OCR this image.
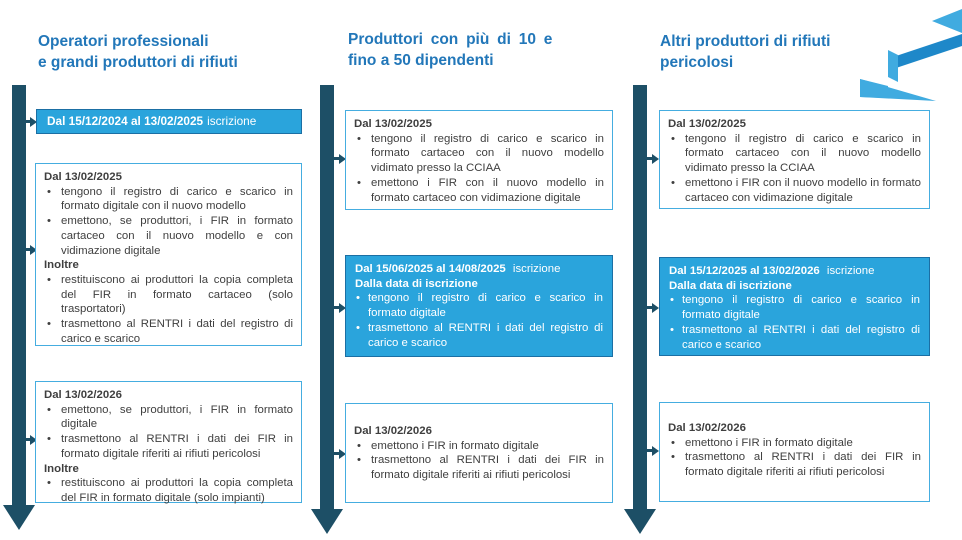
Operatori professionali
e grandi produttori di rifiuti
Produttori con più di 10 e
fino a 50 dipendenti
Altri produttori di rifiuti
pericolosi
Dal 15/12/2024 al 13/02/2025 iscrizione
Dal 13/02/2025
• tengono il registro di carico e scarico in formato digitale con il nuovo modello
• emettono, se produttori, i FIR in formato cartaceo con il nuovo modello e con vidimazione digitale
Inoltre
• restituiscono ai produttori la copia completa del FIR in formato cartaceo (solo trasportatori)
• trasmettono al RENTRI i dati del registro di carico e scarico
Dal 13/02/2026
• emettono, se produttori, i FIR in formato digitale
• trasmettono al RENTRI i dati dei FIR in formato digitale riferiti ai rifiuti pericolosi
Inoltre
• restituiscono ai produttori la copia completa del FIR in formato digitale (solo impianti)
Dal 13/02/2025
• tengono il registro di carico e scarico in formato cartaceo con il nuovo modello vidimato presso la CCIAA
• emettono i FIR con il nuovo modello in formato cartaceo con vidimazione digitale
Dal 15/06/2025 al 14/08/2025 iscrizione
Dalla data di iscrizione
• tengono il registro di carico e scarico in formato digitale
• trasmettono al RENTRI i dati del registro di carico e scarico
Dal 13/02/2026
• emettono i FIR in formato digitale
• trasmettono al RENTRI i dati dei FIR in formato digitale riferiti ai rifiuti pericolosi
Dal 13/02/2025
• tengono il registro di carico e scarico in formato cartaceo con il nuovo modello vidimato presso la CCIAA
• emettono i FIR con il nuovo modello in formato cartaceo con vidimazione digitale
Dal 15/12/2025 al 13/02/2026 iscrizione
Dalla data di iscrizione
• tengono il registro di carico e scarico in formato digitale
• trasmettono al RENTRI i dati del registro di carico e scarico
Dal 13/02/2026
• emettono i FIR in formato digitale
• trasmettono al RENTRI i dati dei FIR in formato digitale riferiti ai rifiuti pericolosi
